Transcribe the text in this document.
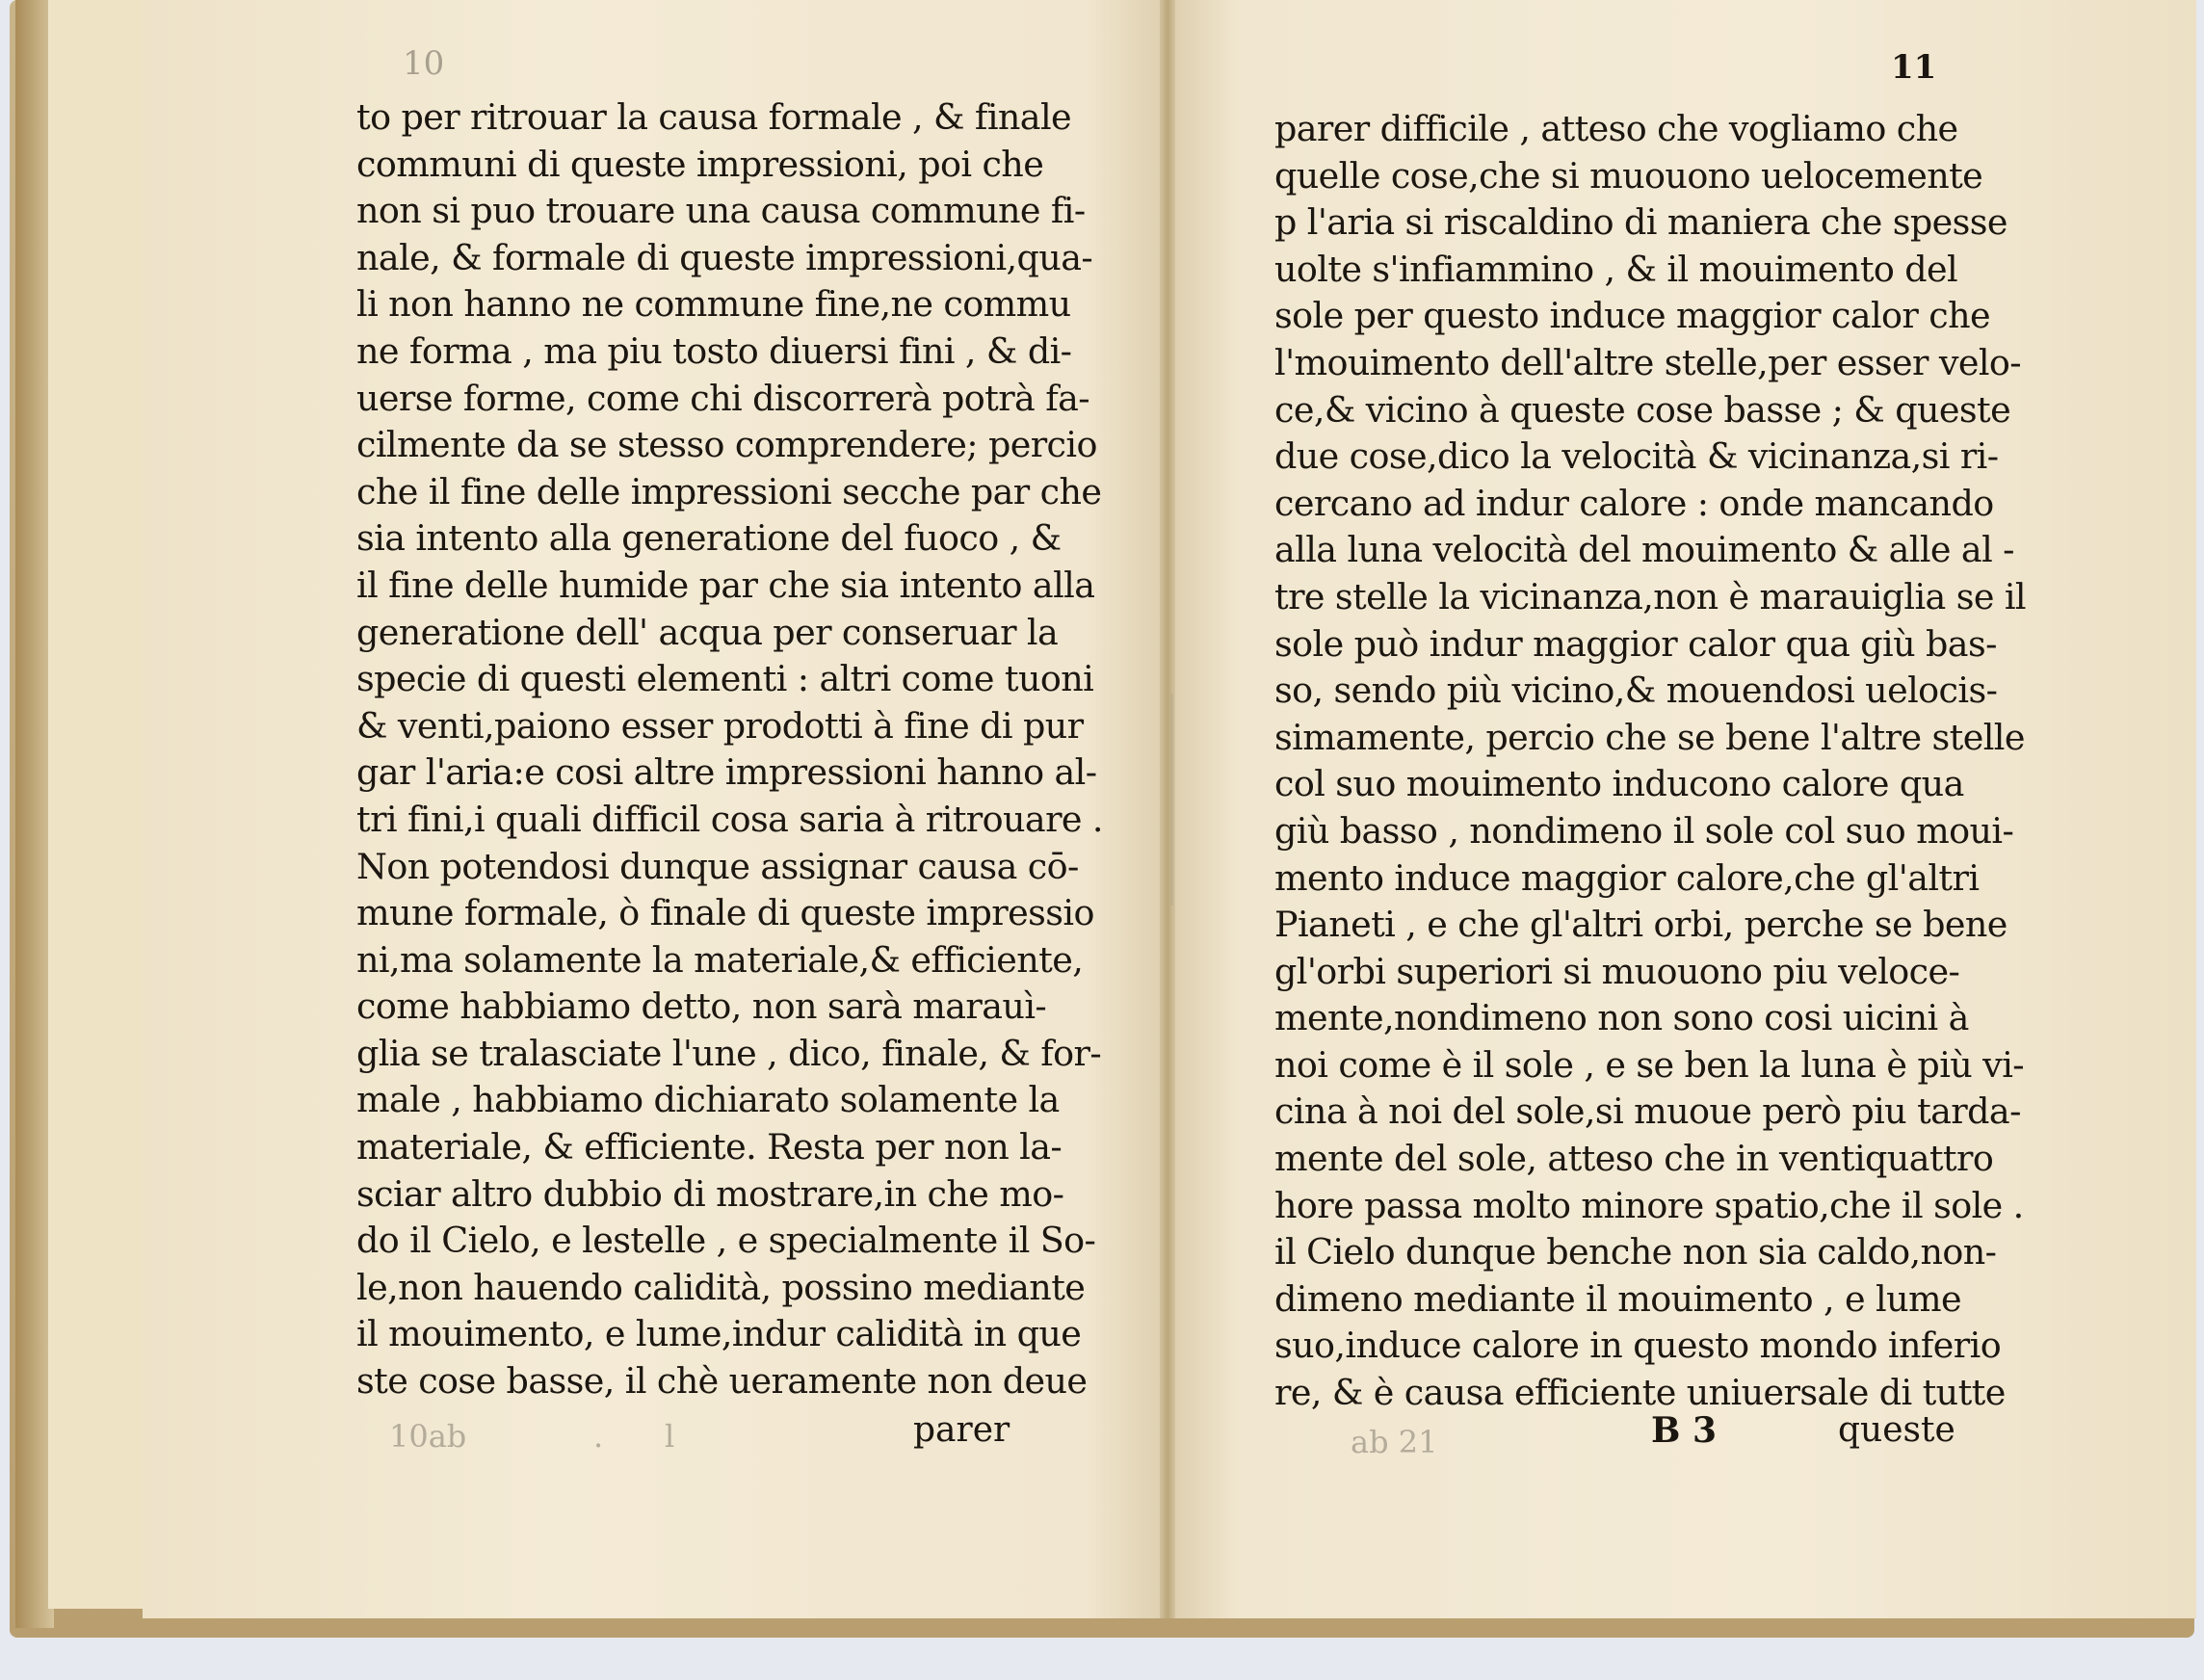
10
to per ritrouar la causa formale , & finale
communi di queste impressioni, poi che
non si puo trouare una causa commune fi-
nale, & formale di queste impressioni,qua-
li non hanno ne commune fine,ne commu
ne forma , ma piu tosto diuersi fini , & di-
uerse forme, come chi discorrerà potrà fa-
cilmente da se stesso comprendere; percio
che il fine delle impressioni secche par che
sia intento alla generatione del fuoco , &
il fine delle humide par che sia intento alla
generatione dell' acqua per conseruar la
specie di questi elementi : altri come tuoni
& venti,paiono esser prodotti à fine di pur
gar l'aria:e cosi altre impressioni hanno al-
tri fini,i quali difficil cosa saria à ritrouare .
Non potendosi dunque assignar causa cō-
mune formale, ò finale di queste impressio
ni,ma solamente la materiale,& efficiente,
come habbiamo detto, non sarà marauì-
glia se tralasciate l'une , dico, finale, & for-
male , habbiamo dichiarato solamente la
materiale, & efficiente. Resta per non la-
sciar altro dubbio di mostrare,in che mo-
do il Cielo, e lestelle , e specialmente il So-
le,non hauendo calidità, possino mediante
il mouimento, e lume,indur calidità in que
ste cose basse, il chè ueramente non deue
10ab	. l	parer
11
parer difficile , atteso che vogliamo che
quelle cose,che si muouono uelocemente
p l'aria si riscaldino di maniera che spesse
uolte s'infiammino , & il mouimento del
sole per questo induce maggior calor che
l'mouimento dell'altre stelle,per esser velo-
ce,& vicino à queste cose basse ; & queste
due cose,dico la velocità & vicinanza,si ri-
cercano ad indur calore : onde mancando
alla luna velocità del mouimento & alle al -
tre stelle la vicinanza,non è marauiglia se il
sole può indur maggior calor qua giù bas-
so, sendo più vicino,& mouendosi uelocis-
simamente, percio che se bene l'altre stelle
col suo mouimento inducono calore qua
giù basso , nondimeno il sole col suo moui-
mento induce maggior calore,che gl'altri
Pianeti , e che gl'altri orbi, perche se bene
gl'orbi superiori si muouono piu veloce-
mente,nondimeno non sono cosi uicini à
noi come è il sole , e se ben la luna è più vi-
cina à noi del sole,si muoue però piu tarda-
mente del sole, atteso che in ventiquattro
hore passa molto minore spatio,che il sole .
il Cielo dunque benche non sia caldo,non-
dimeno mediante il mouimento , e lume
suo,induce calore in questo mondo inferio
re, & è causa efficiente uniuersale di tutte
ab 21	B 3	queste
